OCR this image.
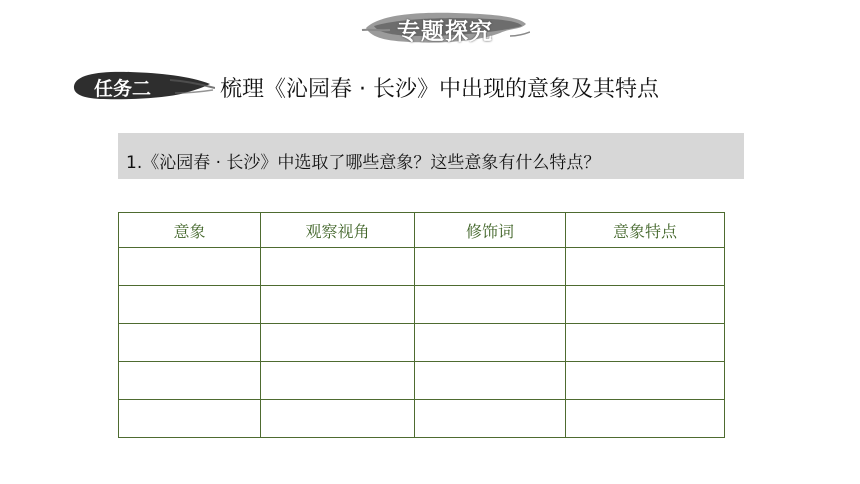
专题探究
任务二	梳理《沁园春 · 长沙》中出现的意象及其特点
1.《沁园春 · 长沙》中选取了哪些意象？这些意象有什么特点？
意象	观察视角	修饰词	意象特点
